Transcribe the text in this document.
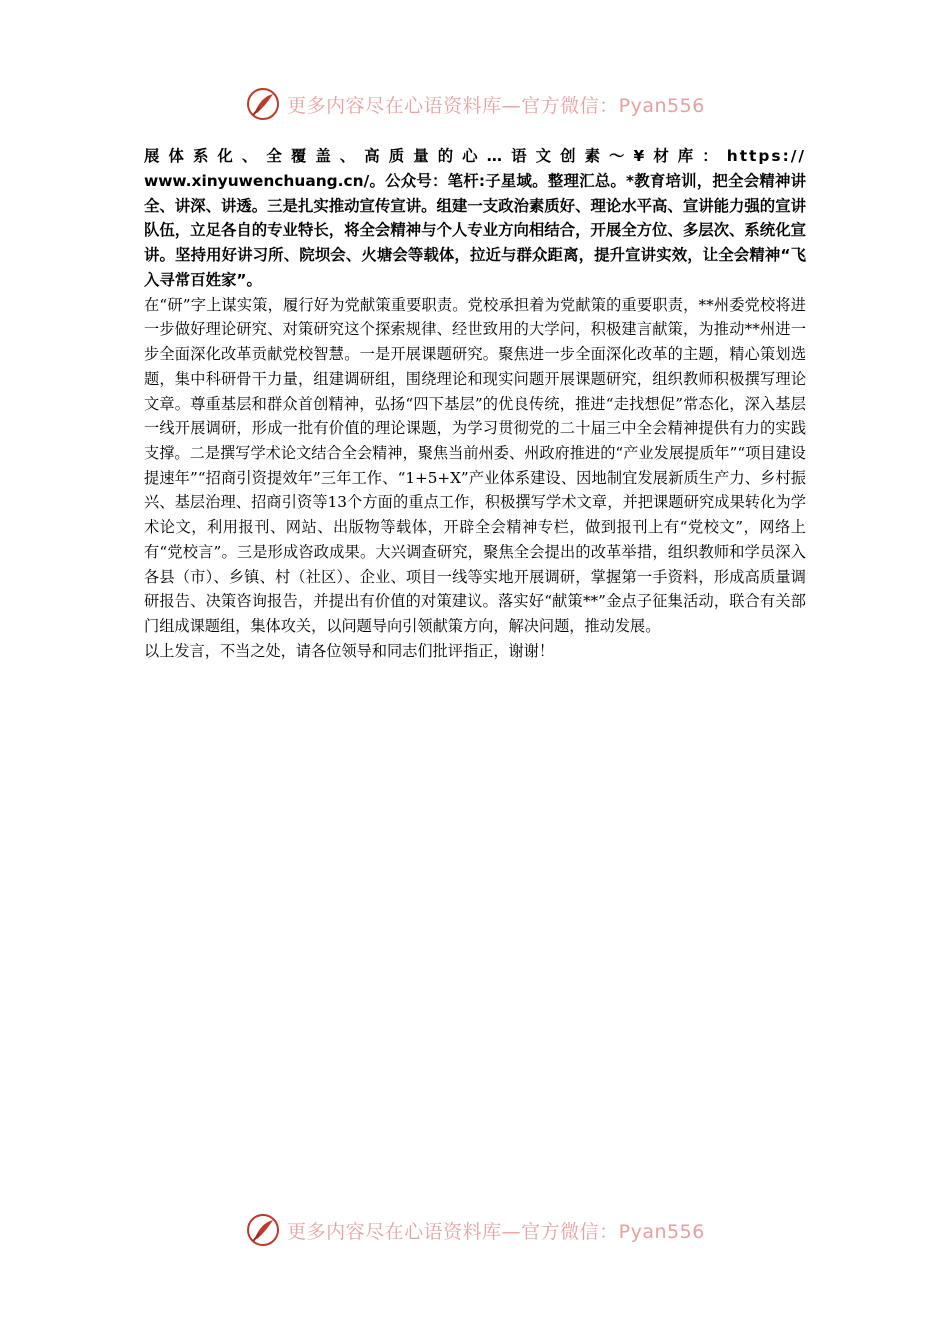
更多内容尽在心语资料库—官方微信：Pyan556
展体系化、全覆盖、高质量的心…语文创素～¥材库：https://
www.xinyuwenchuang.cn/。公众号：笔杆:子星域。整理汇总。*教育培训，把全会精神讲全、讲深、讲透。三是扎实推动宣传宣讲。组建一支政治素质好、理论水平高、宣讲能力强的宣讲队伍，立足各自的专业特长，将全会精神与个人专业方向相结合，开展全方位、多层次、系统化宣讲。坚持用好讲习所、院坝会、火塘会等载体，拉近与群众距离，提升宣讲实效，让全会精神“飞入寻常百姓家”。

在“研”字上谋实策，履行好为党献策重要职责。党校承担着为党献策的重要职责，**州委党校将进一步做好理论研究、对策研究这个探索规律、经世致用的大学问，积极建言献策，为推动**州进一步全面深化改革贡献党校智慧。一是开展课题研究。聚焦进一步全面深化改革的主题，精心策划选题，集中科研骨干力量，组建调研组，围绕理论和现实问题开展课题研究，组织教师积极撰写理论文章。尊重基层和群众首创精神，弘扬“四下基层”的优良传统，推进“走找想促”常态化，深入基层一线开展调研，形成一批有价值的理论课题，为学习贯彻党的二十届三中全会精神提供有力的实践支撑。二是撰写学术论文结合全会精神，聚焦当前州委、州政府推进的“产业发展提质年”“项目建设提速年”“招商引资提效年”三年工作、“1+5+X”产业体系建设、因地制宜发展新质生产力、乡村振兴、基层治理、招商引资等13个方面的重点工作，积极撰写学术文章，并把课题研究成果转化为学术论文，利用报刊、网站、出版物等载体，开辟全会精神专栏，做到报刊上有“党校文”，网络上有“党校言”。三是形成咨政成果。大兴调查研究，聚焦全会提出的改革举措，组织教师和学员深入各县（市）、乡镇、村（社区）、企业、项目一线等实地开展调研，掌握第一手资料，形成高质量调研报告、决策咨询报告，并提出有价值的对策建议。落实好“献策**”金点子征集活动，联合有关部门组成课题组，集体攻关，以问题导向引领献策方向，解决问题，推动发展。

以上发言，不当之处，请各位领导和同志们批评指正，谢谢！

更多内容尽在心语资料库—官方微信：Pyan556
